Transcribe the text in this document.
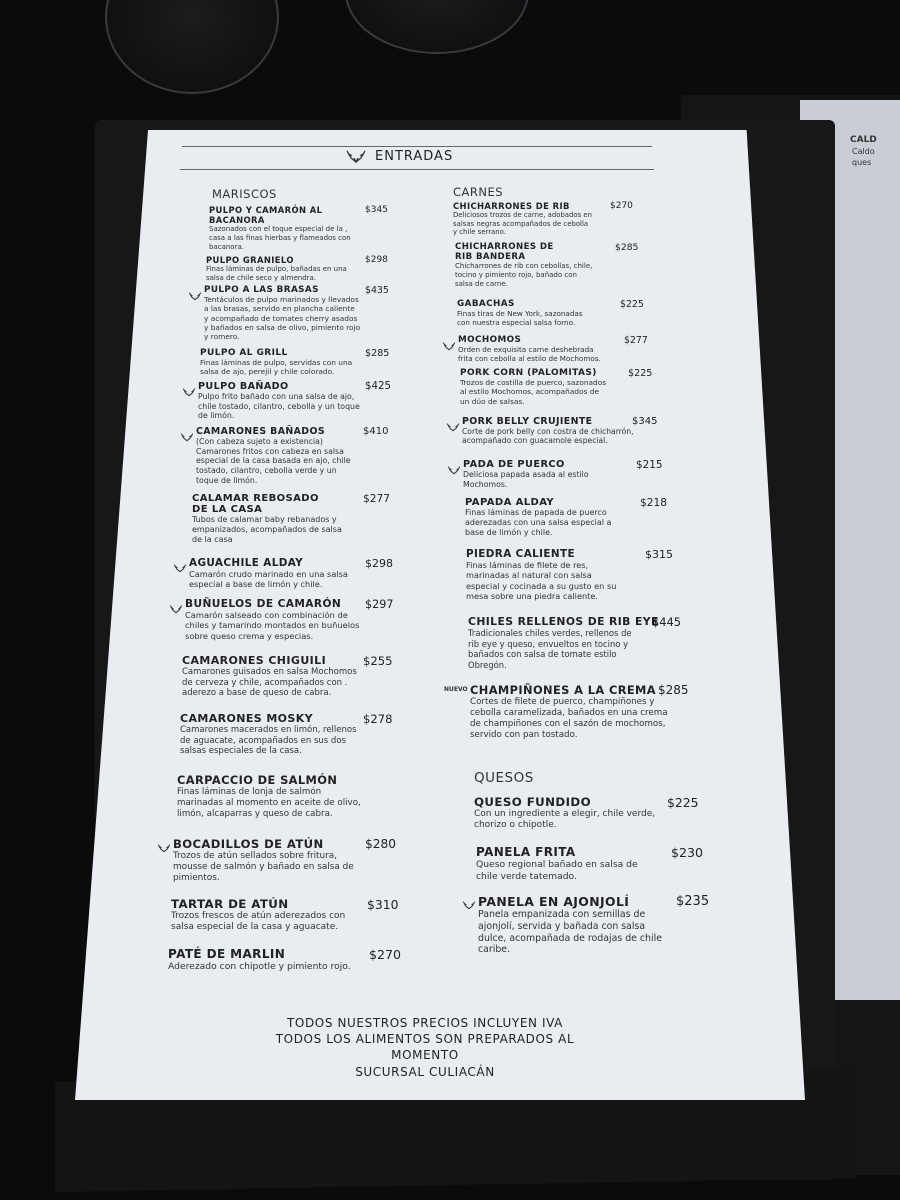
CALD
Caldo
ques
ENTRADAS
MARISCOS	CARNES
QUESOS
PULPO Y CAMARÓN AL
BACANORA
$345
Sazonados con el toque especial de la ,
casa a las finas hierbas y flameados con
bacanora.
PULPO GRANIELO	$298
Finas láminas de pulpo, bañadas en una
salsa de chile seco y almendra.
PULPO A LAS BRASAS	$435
Tentáculos de pulpo marinados y llevados
a las brasas, servido en plancha caliente
y acompañado de tomates cherry asados
y bañados en salsa de olivo, pimiento rojo
y romero.
PULPO AL GRILL	$285
Finas láminas de pulpo, servidas con una
salsa de ajo, perejil y chile colorado.
PULPO BAÑADO	$425
Pulpo frito bañado con una salsa de ajo,
chile tostado, cilantro, cebolla y un toque
de limón.
CAMARONES BAÑADOS	$410
(Con cabeza sujeto a existencia)
Camarones fritos con cabeza en salsa
especial de la casa basada en ajo, chile
tostado, cilantro, cebolla verde y un
toque de limón.
CALAMAR REBOSADO
DE LA CASA
$277
Tubos de calamar baby rebanados y
empanizados, acompañados de salsa
de la casa
AGUACHILE ALDAY	$298
Camarón crudo marinado en una salsa
especial a base de limón y chile.
BUÑUELOS DE CAMARÓN	$297
Camarón salseado con combinación de
chiles y tamarindo montados en buñuelos
sobre queso crema y especias.
CAMARONES CHIGUILI	$255
Camarones guisados en salsa Mochomos
de cerveza y chile, acompañados con .
aderezo a base de queso de cabra.
CAMARONES MOSKY	$278
Camarones macerados en limón, rellenos
de aguacate, acompañados en sus dos
salsas especiales de la casa.
CARPACCIO DE SALMÓN
Finas láminas de lonja de salmón
marinadas al momento en aceite de olivo,
limón, alcaparras y queso de cabra.
BOCADILLOS DE ATÚN	$280
Trozos de atún sellados sobre fritura,
mousse de salmón y bañado en salsa de
pimientos.
TARTAR DE ATÚN	$310
Trozos frescos de atún aderezados con
salsa especial de la casa y aguacate.
PATÉ DE MARLIN	$270
Aderezado con chipotle y pimiento rojo.
CHICHARRONES DE RIB	$270
Deliciosos trozos de carne, adobados en
salsas negras acompañados de cebolla
y chile serrano.
CHICHARRONES DE
RIB BANDERA
$285
Chicharrones de rib con cebollas, chile,
tocino y pimiento rojo, bañado con
salsa de carne.
GABACHAS	$225
Finas tiras de New York, sazonadas
con nuestra especial salsa forno.
MOCHOMOS	$277
Orden de exquisita carne deshebrada
frita con cebolla al estilo de Mochomos.
PORK CORN (PALOMITAS)	$225
Trozos de costilla de puerco, sazonados
al estilo Mochomos, acompañados de
un dúo de salsas.
PORK BELLY CRUJIENTE	$345
Corte de pork belly con costra de chicharrón,
acompañado con guacamole especial.
PADA DE PUERCO	$215
Deliciosa papada asada al estilo
Mochomos.
PAPADA ALDAY	$218
Finas láminas de papada de puerco
aderezadas con una salsa especial a
base de limón y chile.
PIEDRA CALIENTE	$315
Finas láminas de filete de res,
marinadas al natural con salsa
especial y cocinada a su gusto en su
mesa sobre una piedra caliente.
CHILES RELLENOS DE RIB EYE
$445
Tradicionales chiles verdes, rellenos de
rib eye y queso, envueltos en tocino y
bañados con salsa de tomate estilo
Obregón.
NUEVO CHAMPIÑONES A LA CREMA $285
Cortes de filete de puerco, champiñones y
cebolla caramelizada, bañados en una crema
de champiñones con el sazón de mochomos,
servido con pan tostado.
QUESO FUNDIDO	$225
Con un ingrediente a elegir, chile verde,
chorizo o chipotle.
PANELA FRITA	$230
Queso regional bañado en salsa de
chile verde tatemado.
PANELA EN AJONJOLÍ	$235
Panela empanizada con semillas de
ajonjolí, servida y bañada con salsa
dulce, acompañada de rodajas de chile
caribe.
TODOS NUESTROS PRECIOS INCLUYEN IVA
TODOS LOS ALIMENTOS SON PREPARADOS AL MOMENTO
SUCURSAL CULIACÁN
